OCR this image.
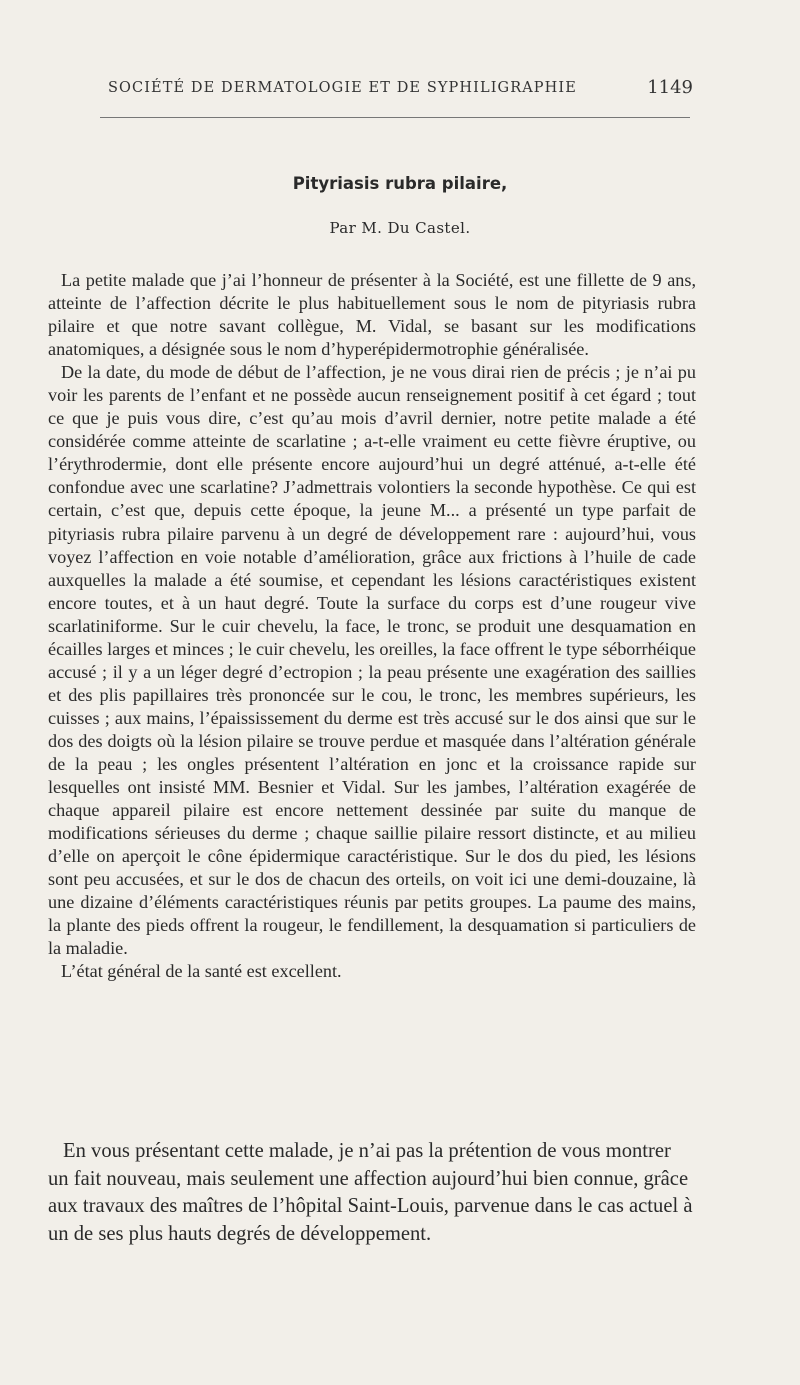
SOCIÉTÉ DE DERMATOLOGIE ET DE SYPHILIGRAPHIE	1149
Pityriasis rubra pilaire,
Par M. Du Castel.

La petite malade que j’ai l’honneur de présenter à la Société, est une fillette de 9 ans, atteinte de l’affection décrite le plus habituellement sous le nom de pityriasis rubra pilaire et que notre savant collègue, M. Vidal, se basant sur les modifications anatomiques, a désignée sous le nom d’hyperépidermotrophie généralisée.

De la date, du mode de début de l’affection, je ne vous dirai rien de précis ; je n’ai pu voir les parents de l’enfant et ne possède aucun renseignement positif à cet égard ; tout ce que je puis vous dire, c’est qu’au mois d’avril dernier, notre petite malade a été considérée comme atteinte de scarlatine ; a-t-elle vraiment eu cette fièvre éruptive, ou l’érythrodermie, dont elle présente encore aujourd’hui un degré atténué, a-t-elle été confondue avec une scarlatine? J’admettrais volontiers la seconde hypothèse. Ce qui est certain, c’est que, depuis cette époque, la jeune M... a présenté un type parfait de pityriasis rubra pilaire parvenu à un degré de développement rare : aujourd’hui, vous voyez l’affection en voie notable d’amélioration, grâce aux frictions à l’huile de cade auxquelles la malade a été soumise, et cependant les lésions caractéristiques existent encore toutes, et à un haut degré. Toute la surface du corps est d’une rougeur vive scarlatiniforme. Sur le cuir chevelu, la face, le tronc, se produit une desquamation en écailles larges et minces ; le cuir chevelu, les oreilles, la face offrent le type séborrhéique accusé ; il y a un léger degré d’ectropion ; la peau présente une exagération des saillies et des plis papillaires très prononcée sur le cou, le tronc, les membres supérieurs, les cuisses ; aux mains, l’épaississement du derme est très accusé sur le dos ainsi que sur le dos des doigts où la lésion pilaire se trouve perdue et masquée dans l’altération générale de la peau ; les ongles présentent l’altération en jonc et la croissance rapide sur lesquelles ont insisté MM. Besnier et Vidal. Sur les jambes, l’altération exagérée de chaque appareil pilaire est encore nettement dessinée par suite du manque de modifications sérieuses du derme ; chaque saillie pilaire ressort distincte, et au milieu d’elle on aperçoit le cône épidermique caractéristique. Sur le dos du pied, les lésions sont peu accusées, et sur le dos de chacun des orteils, on voit ici une demi-douzaine, là une dizaine d’éléments caractéristiques réunis par petits groupes. La paume des mains, la plante des pieds offrent la rougeur, le fendillement, la desquamation si particuliers de la maladie.

L’état général de la santé est excellent.

En vous présentant cette malade, je n’ai pas la prétention de vous montrer un fait nouveau, mais seulement une affection aujourd’hui bien connue, grâce aux travaux des maîtres de l’hôpital Saint-Louis, parvenue dans le cas actuel à un de ses plus hauts degrés de développement.
